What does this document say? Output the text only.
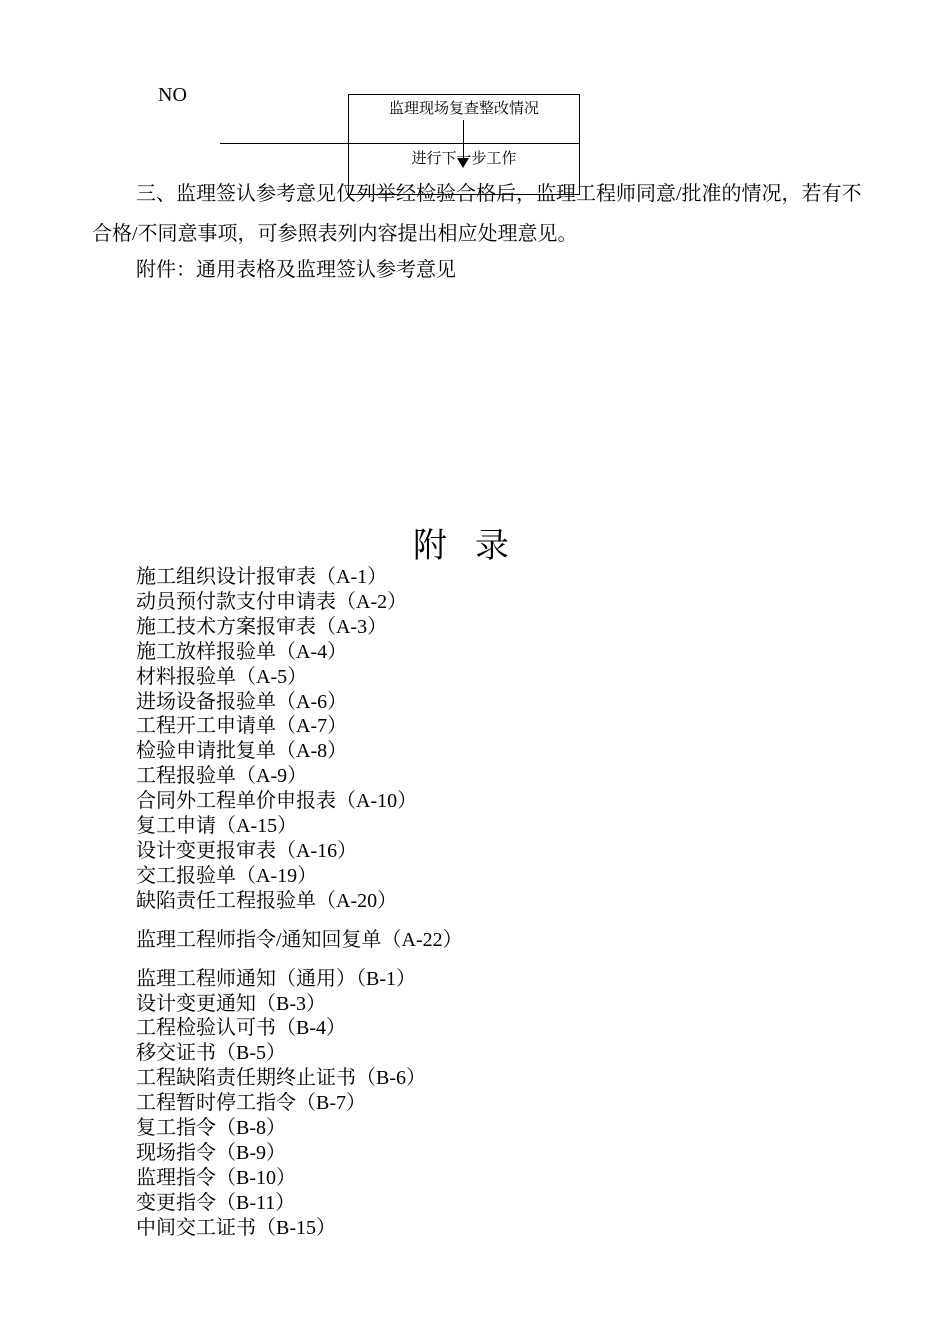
NO
进行下一步工作
监理现场复查整改情况
三、监理签认参考意见仅列举经检验合格后，监理工程师同意/批准的情况，若有不合格/不同意事项，可参照表列内容提出相应处理意见。
附件：通用表格及监理签认参考意见
附录
施工组织设计报审表（A-1）
动员预付款支付申请表（A-2）
施工技术方案报审表（A-3）
施工放样报验单（A-4）
材料报验单（A-5）
进场设备报验单（A-6）
工程开工申请单（A-7）
检验申请批复单（A-8）
工程报验单（A-9）
合同外工程单价申报表（A-10）
复工申请（A-15）
设计变更报审表（A-16）
交工报验单（A-19）
缺陷责任工程报验单（A-20）
监理工程师指令/通知回复单（A-22）
监理工程师通知（通用）（B-1）
设计变更通知（B-3）
工程检验认可书（B-4）
移交证书（B-5）
工程缺陷责任期终止证书（B-6）
工程暂时停工指令（B-7）
复工指令（B-8）
现场指令（B-9）
监理指令（B-10）
变更指令（B-11）
中间交工证书（B-15）
